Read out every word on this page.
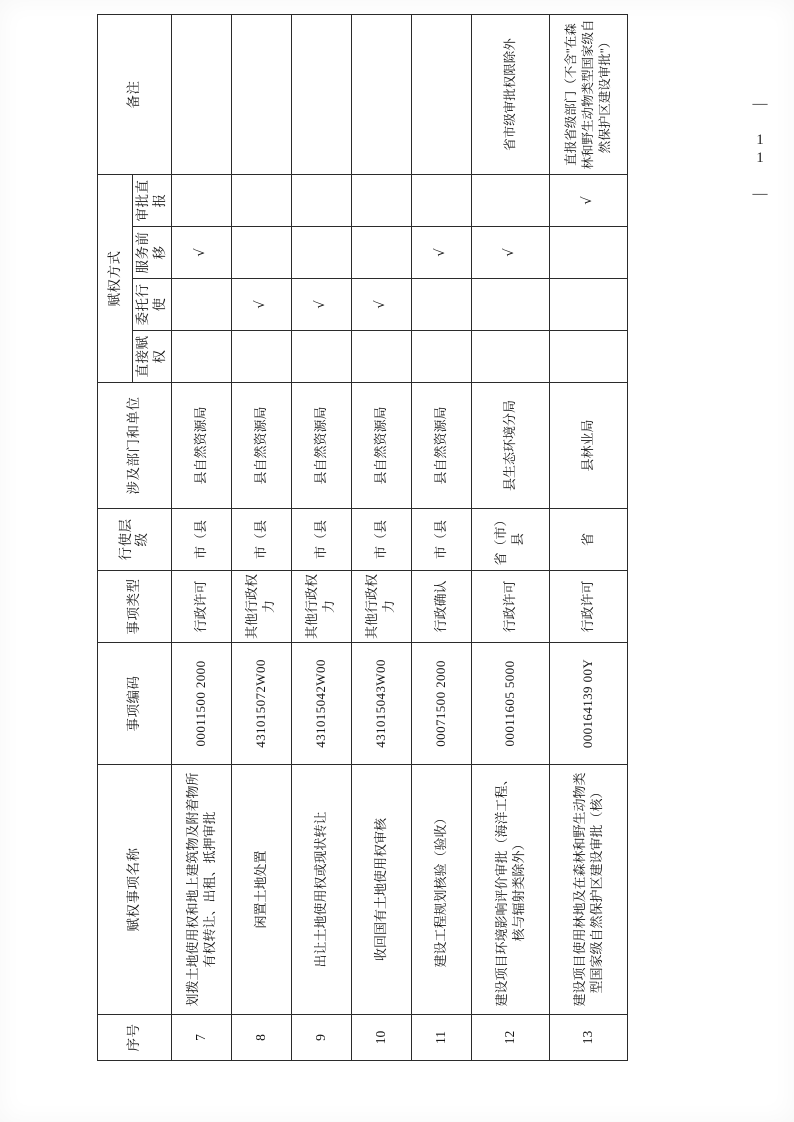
— 11 —
序号	赋权事项名称	事项编码	事项类型	行使层级	涉及部门和单位	赋权方式				备注
						直接赋权	委托行使	服务前移	审批直报	
7	划拨土地使用权和地上建筑物及附着物所有权转让、出租、抵押审批	00011500 2000	行政许可	市（县	县自然资源局			√		
8	闲置土地处置	431015072W00	其他行政权力	市（县	县自然资源局		√			
9	出让土地使用权或现状转让	431015042W00	其他行政权力	市（县	县自然资源局		√			
10	收回国有土地使用权审核	431015043W00	其他行政权力	市（县	县自然资源局		√			
11	建设工程规划核验（验收）	00071500 2000	行政确认	市（县	县自然资源局			√		
12	建设项目环境影响评价审批（海洋工程、核与辐射类除外）	00011605 5000	行政许可	省（市）县	县生态环境分局			√		省市级审批权限除外
13	建设项目使用林地及在森林和野生动物类型国家级自然保护区建设审批（核）	000164139 00Y	行政许可	省	县林业局				√	直报省级部门（不含"在森林和野生动物类型国家级自然保护区建设审批"）
